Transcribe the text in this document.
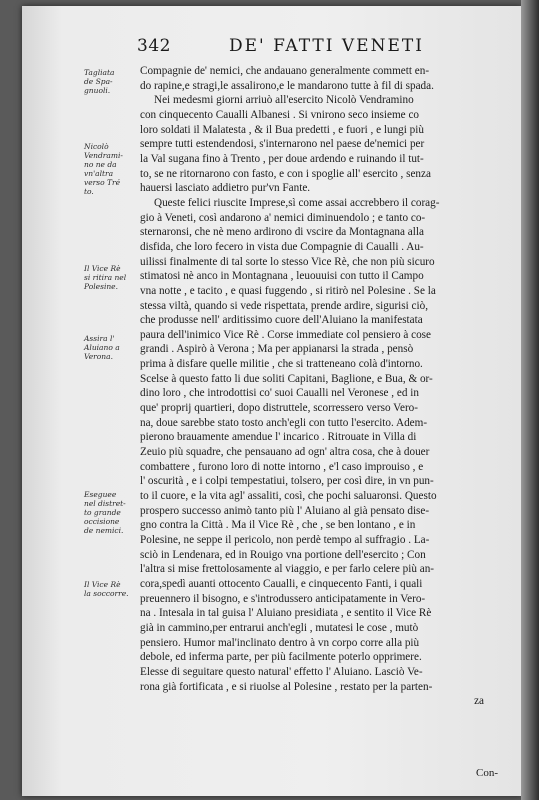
342	DE' FATTI VENETI
Tagliata
de Spa-
gnuoli.
Nicolò
Vendrami-
no ne da
vn'altra
verso Tré
to.
Il Vice Rè
si ritira nel
Polesine.
Assira l'
Aluiano a
Verona.
Eseguee
nel distret-
to grande
occisione
de nemici.
Il Vice Rè
la soccorre.
Compagnie de' nemici, che andauano generalmente commett en-
do rapine,e stragi,le assalirono,e le mandarono tutte à fil di spada.
Nei medesmi giorni arriuò all'esercito Nicolò Vendramino
con cinquecento Caualli Albanesi . Si vnirono seco insieme co
loro soldati il Malatesta , & il Bua predetti , e fuori , e lungi più
sempre tutti estendendosi, s'internarono nel paese de'nemici per
la Val sugana fino à Trento , per doue ardendo e ruinando il tut-
to, se ne ritornarono con fasto, e con i spoglie all' esercito , senza
hauersi lasciato addietro pur'vn Fante.
Queste felici riuscite Imprese,sì come assai accrebbero il corag-
gio à Veneti, così andarono a' nemici diminuendolo ; e tanto co-
sternaronsi, che nè meno ardirono di vscire da Montagnana alla
disfida, che loro fecero in vista due Compagnie di Caualli . Au-
uilissi finalmente di tal sorte lo stesso Vice Rè, che non più sicuro
stimatosi nè anco in Montagnana , leuouuisi con tutto il Campo
vna notte , e tacito , e quasi fuggendo , si ritirò nel Polesine . Se la
stessa viltà, quando si vede rispettata, prende ardire, sigurisi ciò,
che produsse nell' arditissimo cuore dell'Aluiano la manifestata
paura dell'inimico Vice Rè . Corse immediate col pensiero à cose
grandi . Aspirò à Verona ; Ma per appianarsi la strada , pensò
prima à disfare quelle militie , che si tratteneano colà d'intorno.
Scelse à questo fatto li due soliti Capitani, Baglione, e Bua, & or-
dino loro , che introdottisi co' suoi Caualli nel Veronese , ed in
que' proprij quartieri, dopo distruttele, scorressero verso Vero-
na, doue sarebbe stato tosto anch'egli con tutto l'esercito. Adem-
pierono brauamente amendue l' incarico . Ritrouate in Villa di
Zeuio più squadre, che pensauano ad ogn' altra cosa, che à douer
combattere , furono loro di notte intorno , e'l caso improuiso , e
l' oscurità , e i colpi tempestatiui, tolsero, per così dire, in vn pun-
to il cuore, e la vita agl' assaliti, così, che pochi saluaronsi. Questo
prospero successo animò tanto più l' Aluiano al già pensato dise-
gno contra la Città . Ma il Vice Rè , che , se ben lontano , e in
Polesine, ne seppe il pericolo, non perdè tempo al suffragio . La-
sciò in Lendenara, ed in Rouigo vna portione dell'esercito ; Con
l'altra si mise frettolosamente al viaggio, e per farlo celere più an-
cora,spedì auanti ottocento Caualli, e cinquecento Fanti, i quali
preuennero il bisogno, e s'introdussero anticipatamente in Vero-
na . Intesala in tal guisa l' Aluiano presidiata , e sentito il Vice Rè
già in cammino,per entrarui anch'egli , mutatesi le cose , mutò
pensiero. Humor mal'inclinato dentro à vn corpo corre alla più
debole, ed inferma parte, per più facilmente poterlo opprimere.
Elesse di seguitare questo natural' effetto l' Aluiano. Lasciò Ve-
rona già fortificata , e si riuolse al Polesine , restato per la parten-
za
Con-
